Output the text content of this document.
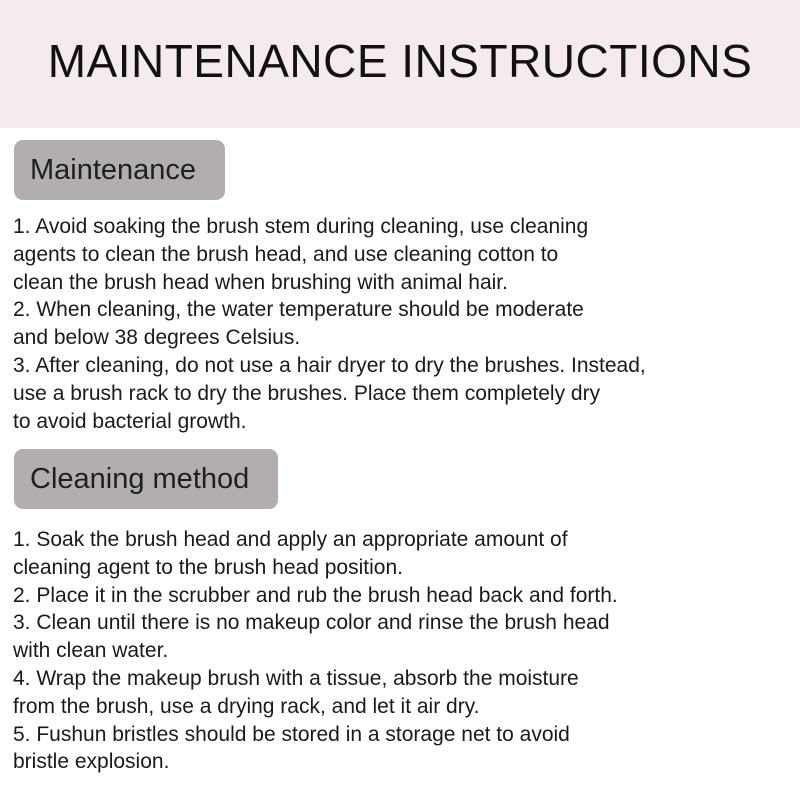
MAINTENANCE INSTRUCTIONS
Maintenance
1. Avoid soaking the brush stem during cleaning, use cleaning
agents to clean the brush head, and use cleaning cotton to
clean the brush head when brushing with animal hair.
2. When cleaning, the water temperature should be moderate
and below 38 degrees Celsius.
3. After cleaning, do not use a hair dryer to dry the brushes. Instead,
use a brush rack to dry the brushes. Place them completely dry
to avoid bacterial growth.
Cleaning method
1. Soak the brush head and apply an appropriate amount of
cleaning agent to the brush head position.
2. Place it in the scrubber and rub the brush head back and forth.
3. Clean until there is no makeup color and rinse the brush head
with clean water.
4. Wrap the makeup brush with a tissue, absorb the moisture
from the brush, use a drying rack, and let it air dry.
5. Fushun bristles should be stored in a storage net to avoid
bristle explosion.
